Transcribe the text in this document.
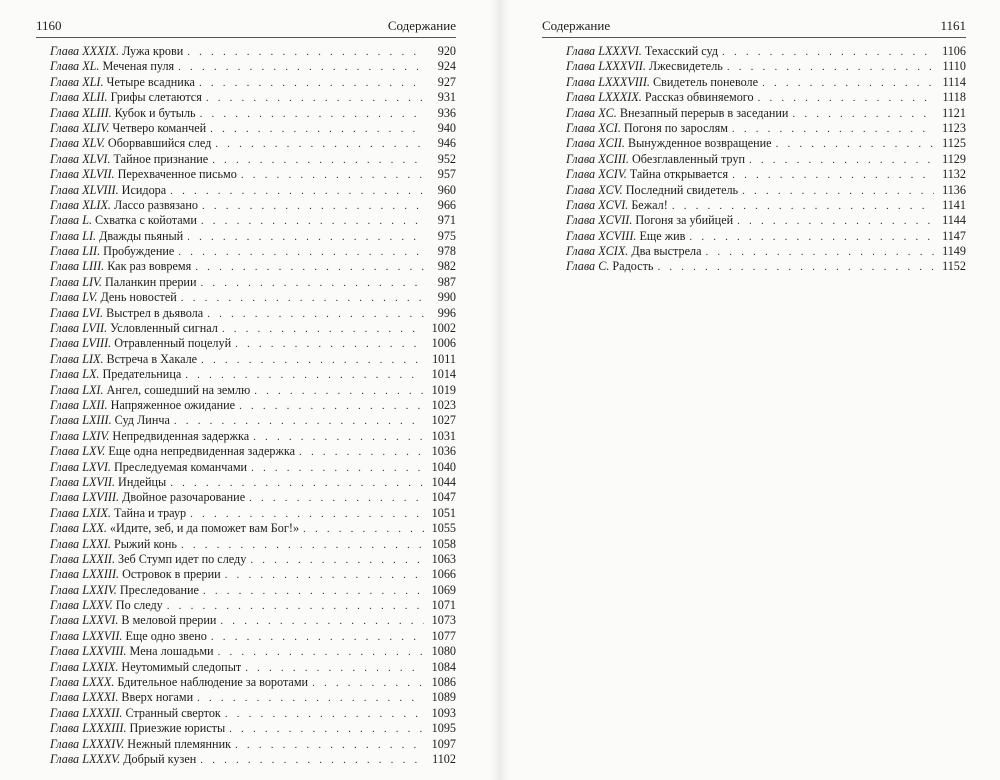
1160	Содержание
Глава XXXIX. Лужа крови . . .	920
Глава XL. Меченая пуля . . .	924
Глава XLI. Четыре всадника . . .	927
Глава XLII. Грифы слетаются . . .	931
Глава XLIII. Кубок и бутыль . . .	936
Глава XLIV. Четверо команчей . . .	940
Глава XLV. Оборвавшийся след . . .	946
Глава XLVI. Тайное признание . . .	952
Глава XLVII. Перехваченное письмо . . .	957
Глава XLVIII. Исидора . . .	960
Глава XLIX. Лассо развязано . . .	966
Глава L. Схватка с койотами . . .	971
Глава LI. Дважды пьяный . . .	975
Глава LII. Пробуждение . . .	978
Глава LIII. Как раз вовремя . . .	982
Глава LIV. Паланкин прерии . . .	987
Глава LV. День новостей . . .	990
Глава LVI. Выстрел в дьявола . . .	996
Глава LVII. Условленный сигнал . . .	1002
Глава LVIII. Отравленный поцелуй . . .	1006
Глава LIX. Встреча в Хакале . . .	1011
Глава LX. Предательница . . .	1014
Глава LXI. Ангел, сошедший на землю . . .	1019
Глава LXII. Напряженное ожидание . . .	1023
Глава LXIII. Суд Линча . . .	1027
Глава LXIV. Непредвиденная задержка . . .	1031
Глава LXV. Еще одна непредвиденная задержка . . .	1036
Глава LXVI. Преследуемая команчами . . .	1040
Глава LXVII. Индейцы . . .	1044
Глава LXVIII. Двойное разочарование . . .	1047
Глава LXIX. Тайна и траур . . .	1051
Глава LXX. «Идите, зеб, и да поможет вам Бог!» . . .	1055
Глава LXXI. Рыжий конь . . .	1058
Глава LXXII. Зеб Стумп идет по следу . . .	1063
Глава LXXIII. Островок в прерии . . .	1066
Глава LXXIV. Преследование . . .	1069
Глава LXXV. По следу . . .	1071
Глава LXXVI. В меловой прерии . . .	1073
Глава LXXVII. Еще одно звено . . .	1077
Глава LXXVIII. Мена лошадьми . . .	1080
Глава LXXIX. Неутомимый следопыт . . .	1084
Глава LXXX. Бдительное наблюдение за воротами . . .	1086
Глава LXXXI. Вверх ногами . . .	1089
Глава LXXXII. Странный сверток . . .	1093
Глава LXXXIII. Приезжие юристы . . .	1095
Глава LXXXIV. Нежный племянник . . .	1097
Глава LXXXV. Добрый кузен . . .	1102
Содержание	1161
Глава LXXXVI. Техасский суд . . .	1106
Глава LXXXVII. Лжесвидетель . . .	1110
Глава LXXXVIII. Свидетель поневоле . . .	1114
Глава LXXXIX. Рассказ обвиняемого . . .	1118
Глава XC. Внезапный перерыв в заседании . . .	1121
Глава XCI. Погоня по зарослям . . .	1123
Глава XCII. Вынужденное возвращение . . .	1125
Глава XCIII. Обезглавленный труп . . .	1129
Глава XCIV. Тайна открывается . . .	1132
Глава XCV. Последний свидетель . . .	1136
Глава XCVI. Бежал! . . .	1141
Глава XCVII. Погоня за убийцей . . .	1144
Глава XCVIII. Еще жив . . .	1147
Глава XCIX. Два выстрела . . .	1149
Глава C. Радость . . .	1152
